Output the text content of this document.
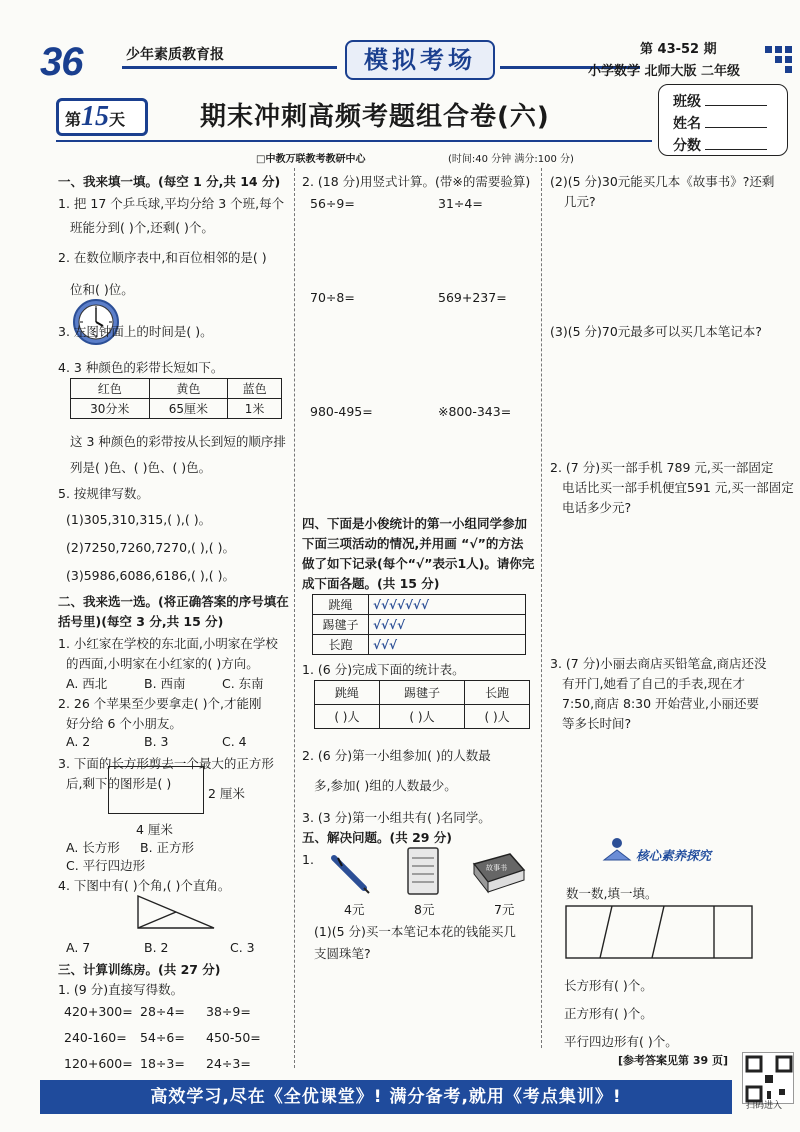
36	少年素质教育报	模拟考场	第 43-52 期
小学数学 北师大版 二年级
第15天	期末冲刺高频考题组合卷(六)	班级
姓名
分数
□中教万联教考教研中心	(时间:40 分钟 满分:100 分)
一、我来填一填。(每空 1 分,共 14 分)
1. 把 17 个乒乓球,平均分给 3 个班,每个
班能分到( )个,还剩( )个。
2. 在数位顺序表中,和百位相邻的是( )
位和( )位。
3. 左图钟面上的时间是( )。
4. 3 种颜色的彩带长短如下。
红色	黄色	蓝色
30分米	65厘米	1米
这 3 种颜色的彩带按从长到短的顺序排
列是( )色、( )色、( )色。
5. 按规律写数。
(1)305,310,315,( ),( )。
(2)7250,7260,7270,( ),( )。
(3)5986,6086,6186,( ),( )。
二、我来选一选。(将正确答案的序号填在
括号里)(每空 3 分,共 15 分)
1. 小红家在学校的东北面,小明家在学校
的西面,小明家在小红家的( )方向。
A. 西北	B. 西南	C. 东南
2. 26 个苹果至少要拿走( )个,才能刚
好分给 6 个小朋友。
A. 2	B. 3	C. 4
3. 下面的长方形剪去一个最大的正方形
后,剩下的图形是( )
2 厘米
4 厘米
A. 长方形 B. 正方形
C. 平行四边形
4. 下图中有( )个角,( )个直角。
A. 7	B. 2	C. 3
三、计算训练房。(共 27 分)
1. (9 分)直接写得数。
420+300= 28÷4= 38÷9=
240-160= 54÷6= 450-50=
120+600= 18÷3= 24÷3=
2. (18 分)用竖式计算。(带※的需要验算)
56÷9=	31÷4=
70÷8=	569+237=
980-495=	※800-343=
四、下面是小俊统计的第一小组同学参加
下面三项活动的情况,并用画 “√”的方法
做了如下记录(每个“√”表示1人)。请你完
成下面各题。(共 15 分)
跳绳	√√√√√√√
踢毽子	√√√√
长跑	√√√
1. (6 分)完成下面的统计表。
跳绳	踢毽子	长跑
( )人	( )人	( )人
2. (6 分)第一小组参加( )的人数最
多,参加( )组的人数最少。
3. (3 分)第一小组共有( )名同学。
五、解决问题。(共 29 分)
1.
故事书
4元	8元	7元
(1)(5 分)买一本笔记本花的钱能买几
支圆珠笔?
(2)(5 分)30元能买几本《故事书》?还剩
几元?
(3)(5 分)70元最多可以买几本笔记本?
2. (7 分)买一部手机 789 元,买一部固定
电话比买一部手机便宜591 元,买一部固定
电话多少元?
3. (7 分)小丽去商店买铅笔盒,商店还没
有开门,她看了自己的手表,现在才
7:50,商店 8:30 开始营业,小丽还要
等多长时间?
核心素养探究
数一数,填一填。
长方形有( )个。
正方形有( )个。
平行四边形有( )个。
[参考答案见第 39 页]
高效学习,尽在《全优课堂》! 满分备考,就用《考点集训》!	扫码进入
